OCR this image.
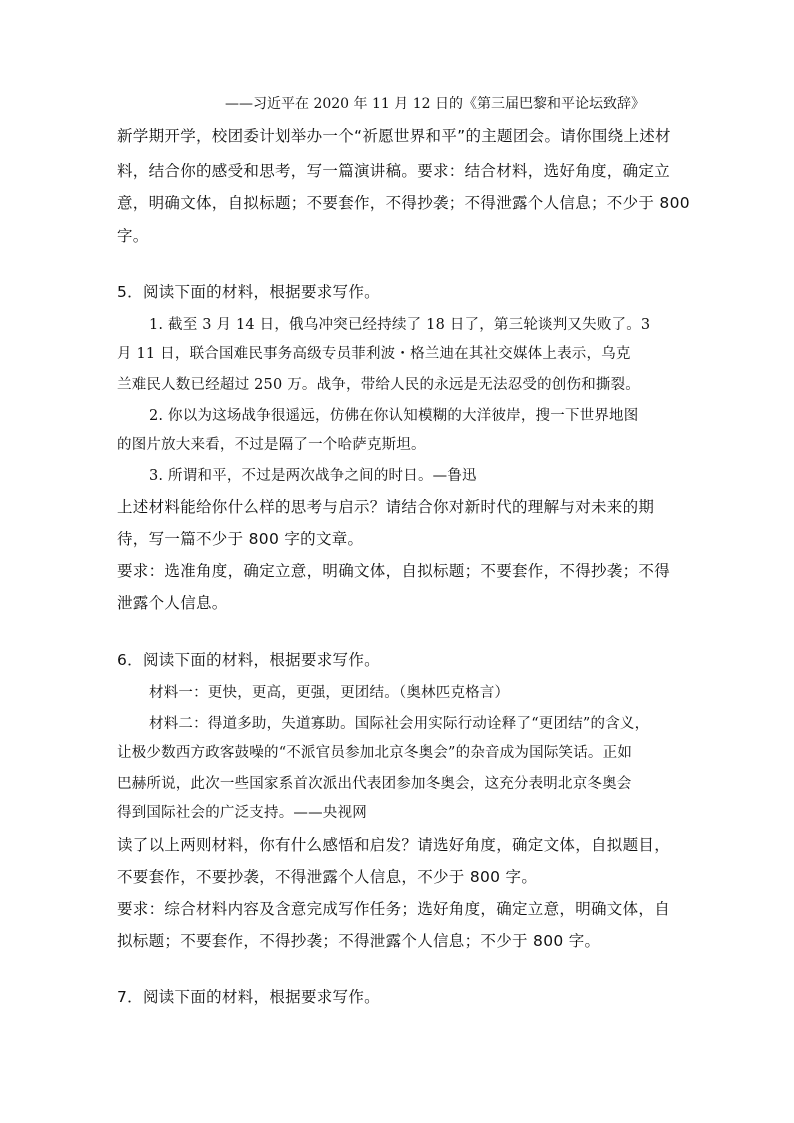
——习近平在 2020 年 11 月 12 日的《第三届巴黎和平论坛致辞》
新学期开学，校团委计划举办一个“祈愿世界和平”的主题团会。请你围绕上述材
料，结合你的感受和思考，写一篇演讲稿。要求：结合材料，选好角度，确定立
意，明确文体，自拟标题；不要套作，不得抄袭；不得泄露个人信息；不少于 800
字。
5．阅读下面的材料，根据要求写作。
1. 截至 3 月 14 日，俄乌冲突已经持续了 18 日了，第三轮谈判又失败了。3
月 11 日，联合国难民事务高级专员菲利波・格兰迪在其社交媒体上表示，乌克
兰难民人数已经超过 250 万。战争，带给人民的永远是无法忍受的创伤和撕裂。
2. 你以为这场战争很遥远，仿佛在你认知模糊的大洋彼岸，搜一下世界地图
的图片放大来看，不过是隔了一个哈萨克斯坦。
3. 所谓和平，不过是两次战争之间的时日。—鲁迅
上述材料能给你什么样的思考与启示？请结合你对新时代的理解与对未来的期
待，写一篇不少于 800 字的文章。
要求：选准角度，确定立意，明确文体，自拟标题；不要套作，不得抄袭；不得
泄露个人信息。
6．阅读下面的材料，根据要求写作。
材料一：更快，更高，更强，更团结。（奥林匹克格言）
材料二：得道多助，失道寡助。国际社会用实际行动诠释了“更团结”的含义，
让极少数西方政客鼓噪的“不派官员参加北京冬奥会”的杂音成为国际笑话。正如
巴赫所说，此次一些国家系首次派出代表团参加冬奥会，这充分表明北京冬奥会
得到国际社会的广泛支持。——央视网
读了以上两则材料，你有什么感悟和启发？请选好角度，确定文体，自拟题目，
不要套作，不要抄袭，不得泄露个人信息，不少于 800 字。
要求：综合材料内容及含意完成写作任务；选好角度，确定立意，明确文体，自
拟标题；不要套作，不得抄袭；不得泄露个人信息；不少于 800 字。
7．阅读下面的材料，根据要求写作。
